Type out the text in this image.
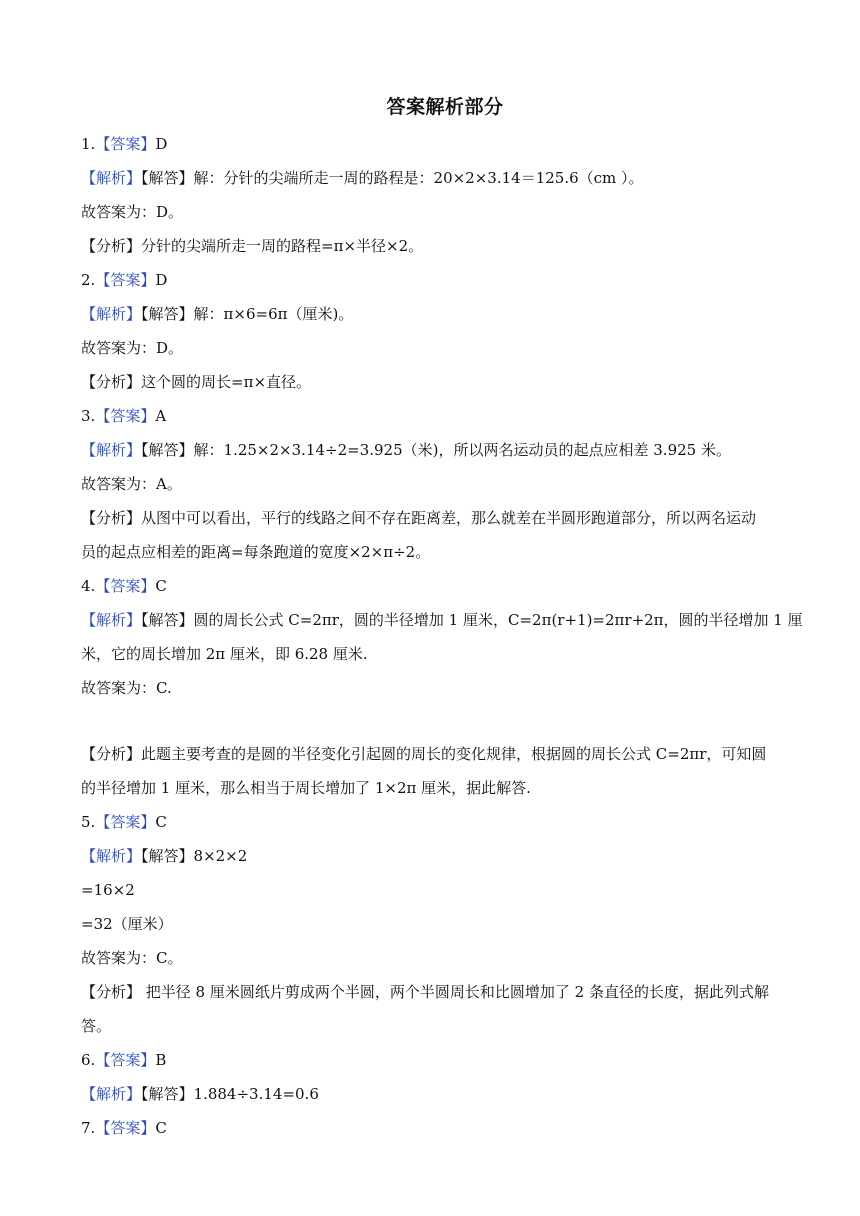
答案解析部分
1.【答案】D
【解析】【解答】解：分针的尖端所走一周的路程是：20×2×3.14＝125.6（cm ）。
故答案为：D。
【分析】分针的尖端所走一周的路程=π×半径×2。
2.【答案】D
【解析】【解答】解：π×6=6π（厘米)。
故答案为：D。
【分析】这个圆的周长=π×直径。
3.【答案】A
【解析】【解答】解：1.25×2×3.14÷2=3.925（米)，所以两名运动员的起点应相差 3.925 米。
故答案为：A。
【分析】从图中可以看出，平行的线路之间不存在距离差，那么就差在半圆形跑道部分，所以两名运动
员的起点应相差的距离=每条跑道的宽度×2×π÷2。
4.【答案】C
【解析】【解答】圆的周长公式 C=2πr，圆的半径增加 1 厘米，C=2π(r+1)=2πr+2π，圆的半径增加 1 厘
米，它的周长增加 2π 厘米，即 6.28 厘米.
故答案为：C.
【分析】此题主要考查的是圆的半径变化引起圆的周长的变化规律，根据圆的周长公式 C=2πr，可知圆
的半径增加 1 厘米，那么相当于周长增加了 1×2π 厘米，据此解答.
5.【答案】C
【解析】【解答】8×2×2
=16×2
=32（厘米）
故答案为：C。
【分析】 把半径 8 厘米圆纸片剪成两个半圆，两个半圆周长和比圆增加了 2 条直径的长度，据此列式解
答。
6.【答案】B
【解析】【解答】1.884÷3.14=0.6
7.【答案】C
